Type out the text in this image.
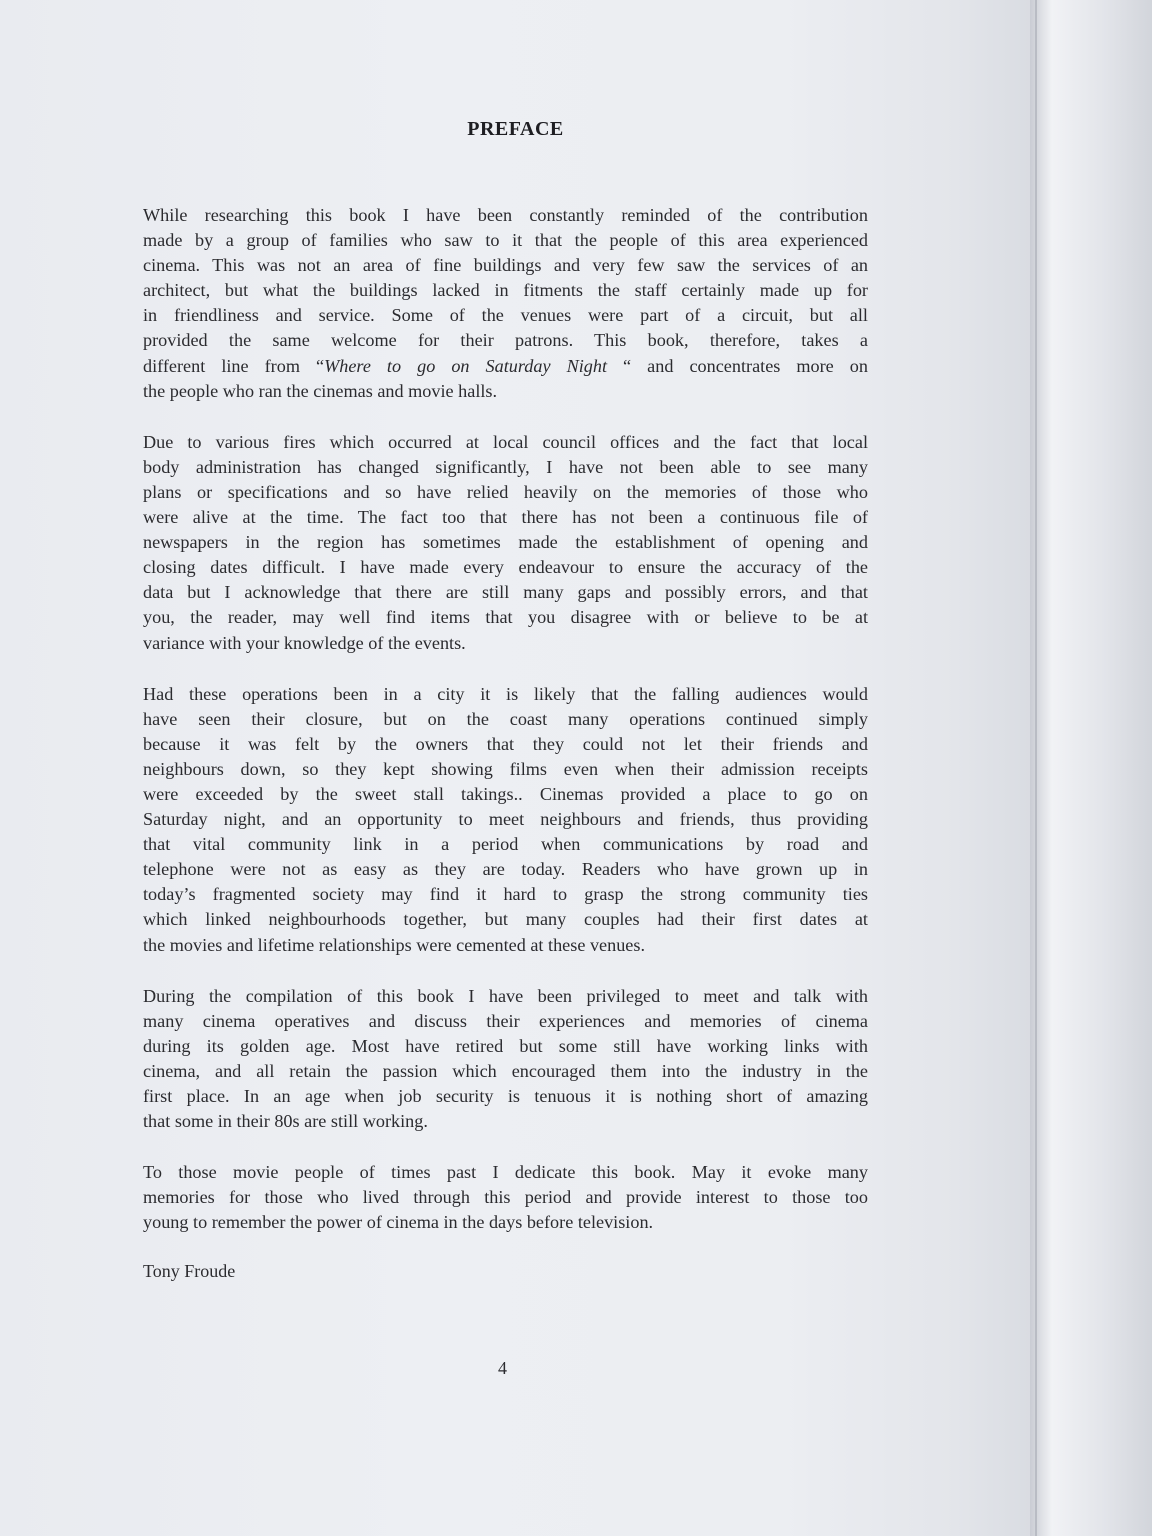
PREFACE
While researching this book I have been constantly reminded of the contribution
made by a group of families who saw to it that the people of this area experienced
cinema. This was not an area of fine buildings and very few saw the services of an
architect, but what the buildings lacked in fitments the staff certainly made up for
in friendliness and service. Some of the venues were part of a circuit, but all
provided the same welcome for their patrons. This book, therefore, takes a
different line from “Where to go on Saturday Night “ and concentrates more on
the people who ran the cinemas and movie halls.
Due to various fires which occurred at local council offices and the fact that local
body administration has changed significantly, I have not been able to see many
plans or specifications and so have relied heavily on the memories of those who
were alive at the time. The fact too that there has not been a continuous file of
newspapers in the region has sometimes made the establishment of opening and
closing dates difficult. I have made every endeavour to ensure the accuracy of the
data but I acknowledge that there are still many gaps and possibly errors, and that
you, the reader, may well find items that you disagree with or believe to be at
variance with your knowledge of the events.
Had these operations been in a city it is likely that the falling audiences would
have seen their closure, but on the coast many operations continued simply
because it was felt by the owners that they could not let their friends and
neighbours down, so they kept showing films even when their admission receipts
were exceeded by the sweet stall takings.. Cinemas provided a place to go on
Saturday night, and an opportunity to meet neighbours and friends, thus providing
that vital community link in a period when communications by road and
telephone were not as easy as they are today. Readers who have grown up in
today’s fragmented society may find it hard to grasp the strong community ties
which linked neighbourhoods together, but many couples had their first dates at
the movies and lifetime relationships were cemented at these venues.
During the compilation of this book I have been privileged to meet and talk with
many cinema operatives and discuss their experiences and memories of cinema
during its golden age. Most have retired but some still have working links with
cinema, and all retain the passion which encouraged them into the industry in the
first place. In an age when job security is tenuous it is nothing short of amazing
that some in their 80s are still working.
To those movie people of times past I dedicate this book. May it evoke many
memories for those who lived through this period and provide interest to those too
young to remember the power of cinema in the days before television.
Tony Froude
4
